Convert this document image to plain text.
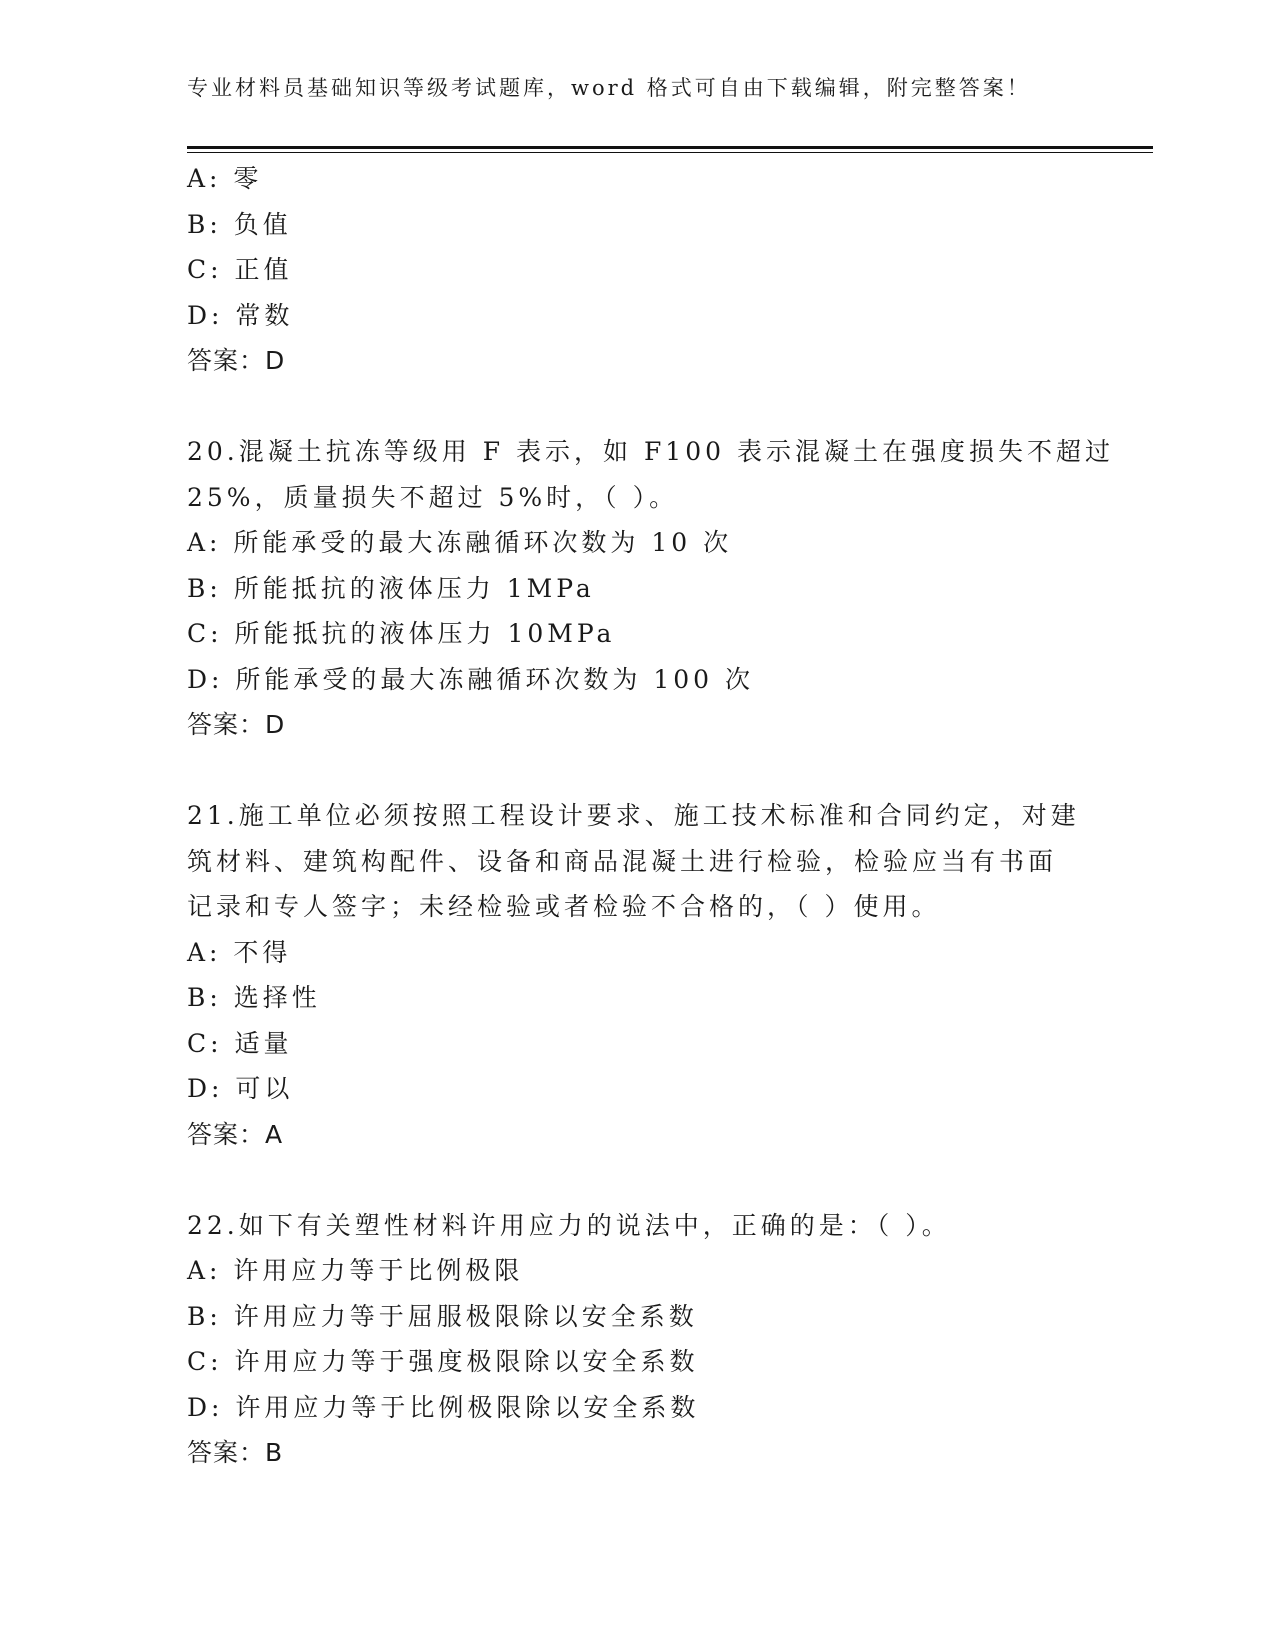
专业材料员基础知识等级考试题库，word 格式可自由下载编辑，附完整答案！
A: 零
B: 负值
C: 正值
D: 常数
答案：D
20.混凝土抗冻等级用 F 表示，如 F100 表示混凝土在强度损失不超过
25%，质量损失不超过 5%时，（ ）。
A: 所能承受的最大冻融循环次数为 10 次
B: 所能抵抗的液体压力 1MPa
C: 所能抵抗的液体压力 10MPa
D: 所能承受的最大冻融循环次数为 100 次
答案：D
21.施工单位必须按照工程设计要求、施工技术标准和合同约定，对建
筑材料、建筑构配件、设备和商品混凝土进行检验，检验应当有书面
记录和专人签字；未经检验或者检验不合格的，（ ）使用。
A: 不得
B: 选择性
C: 适量
D: 可以
答案：A
22.如下有关塑性材料许用应力的说法中，正确的是：（ ）。
A: 许用应力等于比例极限
B: 许用应力等于屈服极限除以安全系数
C: 许用应力等于强度极限除以安全系数
D: 许用应力等于比例极限除以安全系数
答案：B
